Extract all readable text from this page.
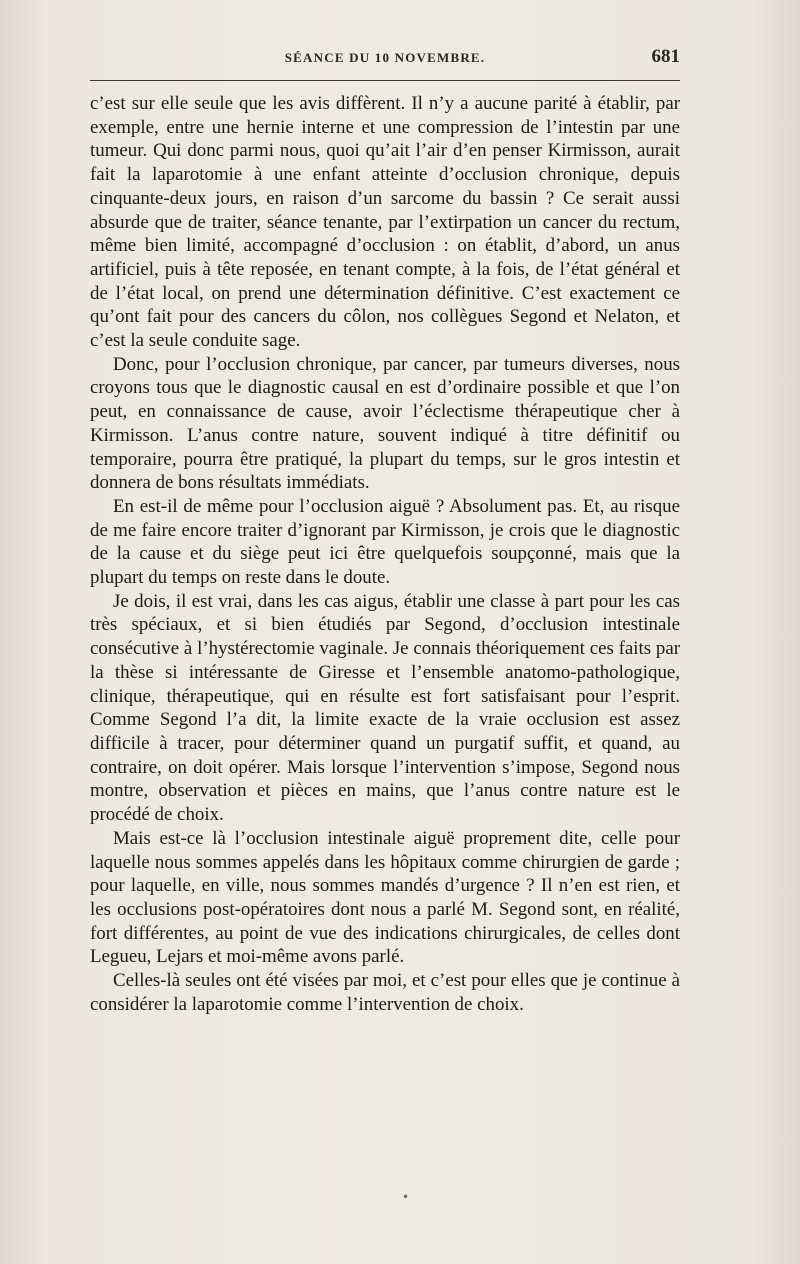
SÉANCE DU 10 NOVEMBRE.	681

c’est sur elle seule que les avis diffèrent. Il n’y a aucune parité à établir, par exemple, entre une hernie interne et une compression de l’intestin par une tumeur. Qui donc parmi nous, quoi qu’ait l’air d’en penser Kirmisson, aurait fait la laparotomie à une enfant atteinte d’occlusion chronique, depuis cinquante-deux jours, en raison d’un sarcome du bassin ? Ce serait aussi absurde que de traiter, séance tenante, par l’extirpation un cancer du rectum, même bien limité, accompagné d’occlusion : on établit, d’abord, un anus artificiel, puis à tête reposée, en tenant compte, à la fois, de l’état général et de l’état local, on prend une détermination définitive. C’est exactement ce qu’ont fait pour des cancers du côlon, nos collègues Segond et Nelaton, et c’est la seule conduite sage.

Donc, pour l’occlusion chronique, par cancer, par tumeurs diverses, nous croyons tous que le diagnostic causal en est d’ordinaire possible et que l’on peut, en connaissance de cause, avoir l’éclectisme thérapeutique cher à Kirmisson. L’anus contre nature, souvent indiqué à titre définitif ou temporaire, pourra être pratiqué, la plupart du temps, sur le gros intestin et donnera de bons résultats immédiats.

En est-il de même pour l’occlusion aiguë ? Absolument pas. Et, au risque de me faire encore traiter d’ignorant par Kirmisson, je crois que le diagnostic de la cause et du siège peut ici être quelquefois soupçonné, mais que la plupart du temps on reste dans le doute.

Je dois, il est vrai, dans les cas aigus, établir une classe à part pour les cas très spéciaux, et si bien étudiés par Segond, d’occlusion intestinale consécutive à l’hystérectomie vaginale. Je connais théoriquement ces faits par la thèse si intéressante de Giresse et l’ensemble anatomo-pathologique, clinique, thérapeutique, qui en résulte est fort satisfaisant pour l’esprit. Comme Segond l’a dit, la limite exacte de la vraie occlusion est assez difficile à tracer, pour déterminer quand un purgatif suffit, et quand, au contraire, on doit opérer. Mais lorsque l’intervention s’impose, Segond nous montre, observation et pièces en mains, que l’anus contre nature est le procédé de choix.

Mais est-ce là l’occlusion intestinale aiguë proprement dite, celle pour laquelle nous sommes appelés dans les hôpitaux comme chirurgien de garde ; pour laquelle, en ville, nous sommes mandés d’urgence ? Il n’en est rien, et les occlusions post-opératoires dont nous a parlé M. Segond sont, en réalité, fort différentes, au point de vue des indications chirurgicales, de celles dont Legueu, Lejars et moi-même avons parlé.

Celles-là seules ont été visées par moi, et c’est pour elles que je continue à considérer la laparotomie comme l’intervention de choix.

•
